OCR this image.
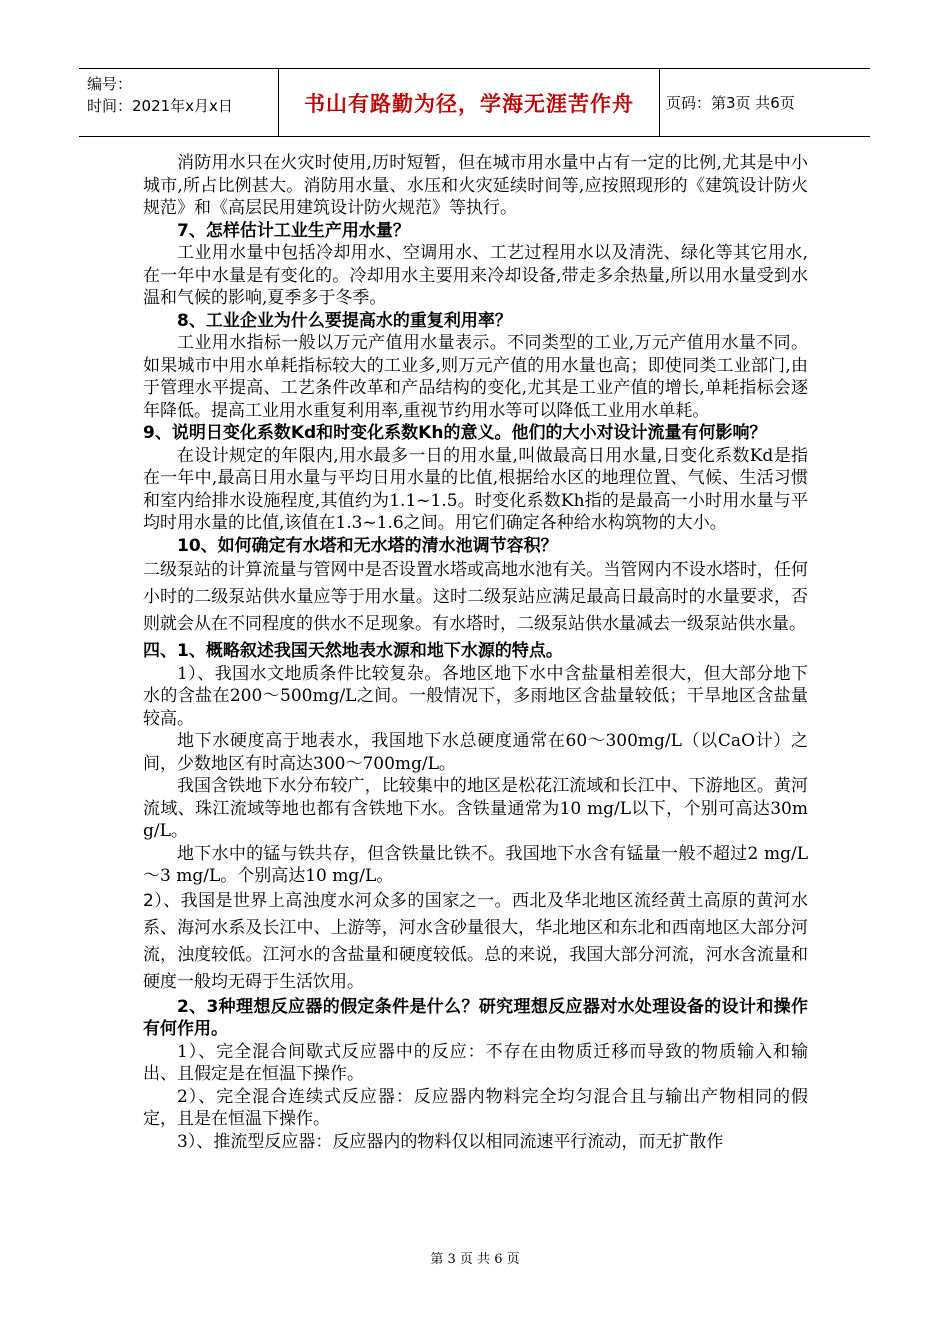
编号：
时间：2021年x月x日	书山有路勤为径，学海无涯苦作舟	页码：第3页 共6页

消防用水只在火灾时使用,历时短暂，但在城市用水量中占有一定的比例,尤其是中小城市,所占比例甚大。消防用水量、水压和火灾延续时间等,应按照现形的《建筑设计防火规范》和《高层民用建筑设计防火规范》等执行。

7、怎样估计工业生产用水量？

工业用水量中包括冷却用水、空调用水、工艺过程用水以及清洗、绿化等其它用水,在一年中水量是有变化的。冷却用水主要用来冷却设备,带走多余热量,所以用水量受到水温和气候的影响,夏季多于冬季。

8、工业企业为什么要提高水的重复利用率？

工业用水指标一般以万元产值用水量表示。不同类型的工业,万元产值用水量不同。如果城市中用水单耗指标较大的工业多,则万元产值的用水量也高；即使同类工业部门,由于管理水平提高、工艺条件改革和产品结构的变化,尤其是工业产值的增长,单耗指标会逐年降低。提高工业用水重复利用率,重视节约用水等可以降低工业用水单耗。

9、说明日变化系数Kd和时变化系数Kh的意义。他们的大小对设计流量有何影响？

在设计规定的年限内,用水最多一日的用水量,叫做最高日用水量,日变化系数Kd是指在一年中,最高日用水量与平均日用水量的比值,根据给水区的地理位置、气候、生活习惯和室内给排水设施程度,其值约为1.1~1.5。时变化系数Kh指的是最高一小时用水量与平均时用水量的比值,该值在1.3~1.6之间。用它们确定各种给水构筑物的大小。

10、如何确定有水塔和无水塔的清水池调节容积？

二级泵站的计算流量与管网中是否设置水塔或高地水池有关。当管网内不设水塔时，任何小时的二级泵站供水量应等于用水量。这时二级泵站应满足最高日最高时的水量要求，否则就会从在不同程度的供水不足现象。有水塔时，二级泵站供水量减去一级泵站供水量。

四、1、概略叙述我国天然地表水源和地下水源的特点。

1）、我国水文地质条件比较复杂。各地区地下水中含盐量相差很大，但大部分地下水的含盐在200～500mg/L之间。一般情况下，多雨地区含盐量较低；干旱地区含盐量较高。

地下水硬度高于地表水，我国地下水总硬度通常在60～300mg/L（以CaO计）之间，少数地区有时高达300～700mg/L。

我国含铁地下水分布较广，比较集中的地区是松花江流域和长江中、下游地区。黄河流域、珠江流域等地也都有含铁地下水。含铁量通常为10 mg/L以下，个别可高达30mg/L。

地下水中的锰与铁共存，但含铁量比铁不。我国地下水含有锰量一般不超过2 mg/L ～3 mg/L。个别高达10 mg/L。

2）、我国是世界上高浊度水河众多的国家之一。西北及华北地区流经黄土高原的黄河水系、海河水系及长江中、上游等，河水含砂量很大，华北地区和东北和西南地区大部分河流，浊度较低。江河水的含盐量和硬度较低。总的来说，我国大部分河流，河水含流量和硬度一般均无碍于生活饮用。

2、3种理想反应器的假定条件是什么？研究理想反应器对水处理设备的设计和操作有何作用。

1）、完全混合间歇式反应器中的反应：不存在由物质迁移而导致的物质输入和输出、且假定是在恒温下操作。

2）、完全混合连续式反应器：反应器内物料完全均匀混合且与输出产物相同的假定，且是在恒温下操作。

3）、推流型反应器：反应器内的物料仅以相同流速平行流动，而无扩散作

第 3 页 共 6 页
